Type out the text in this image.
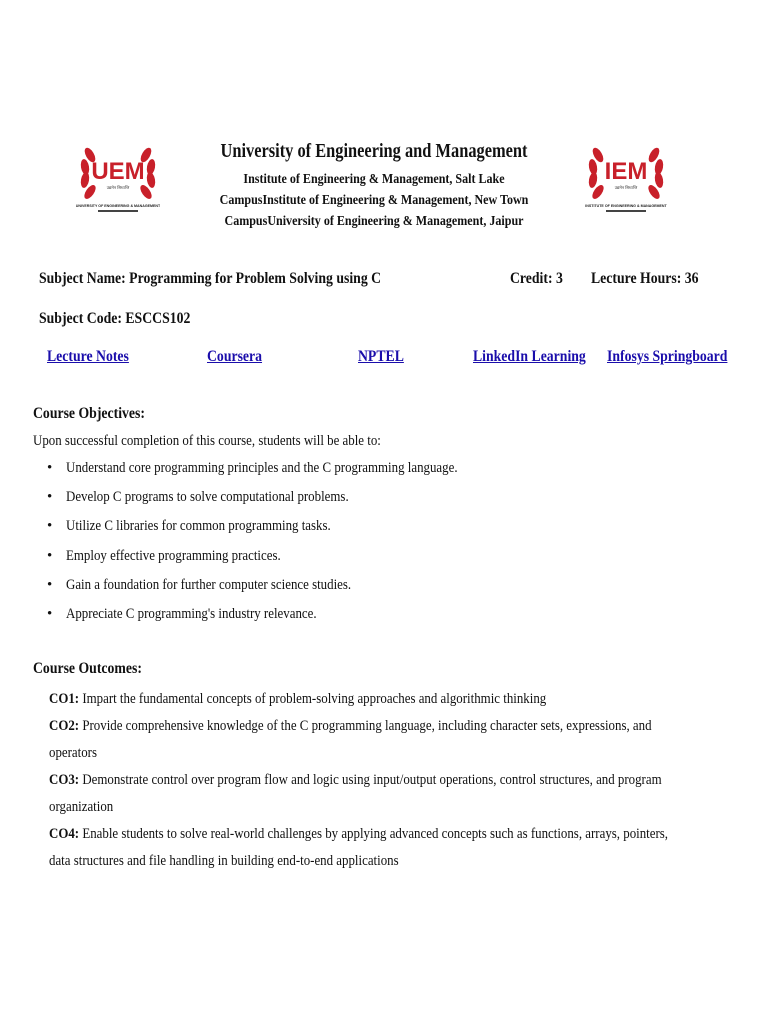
UEM
उद्यमेन सिध्यन्ति
UNIVERSITY OF ENGINEERING & MANAGEMENT
University of Engineering and Management
Institute of Engineering & Management, Salt Lake CampusInstitute of Engineering & Management, New Town CampusUniversity of Engineering & Management, Jaipur
IEM
उद्यमेन सिध्यन्ति
INSTITUTE OF ENGINEERING & MANAGEMENT
Subject Name: Programming for Problem Solving using C	Credit: 3 Lecture Hours: 36
Subject Code: ESCCS102
Lecture Notes	Coursera	NPTEL	LinkedIn Learning Infosys Springboard
Course Objectives:
Upon successful completion of this course, students will be able to:
• Understand core programming principles and the C programming language.
• Develop C programs to solve computational problems.
• Utilize C libraries for common programming tasks.
• Employ effective programming practices.
• Gain a foundation for further computer science studies.
• Appreciate C programming's industry relevance.
Course Outcomes:
CO1: Impart the fundamental concepts of problem-solving approaches and algorithmic thinking
CO2: Provide comprehensive knowledge of the C programming language, including character sets, expressions, and operators
CO3: Demonstrate control over program flow and logic using input/output operations, control structures, and program organization
CO4: Enable students to solve real-world challenges by applying advanced concepts such as functions, arrays, pointers, data structures and file handling in building end-to-end applications
